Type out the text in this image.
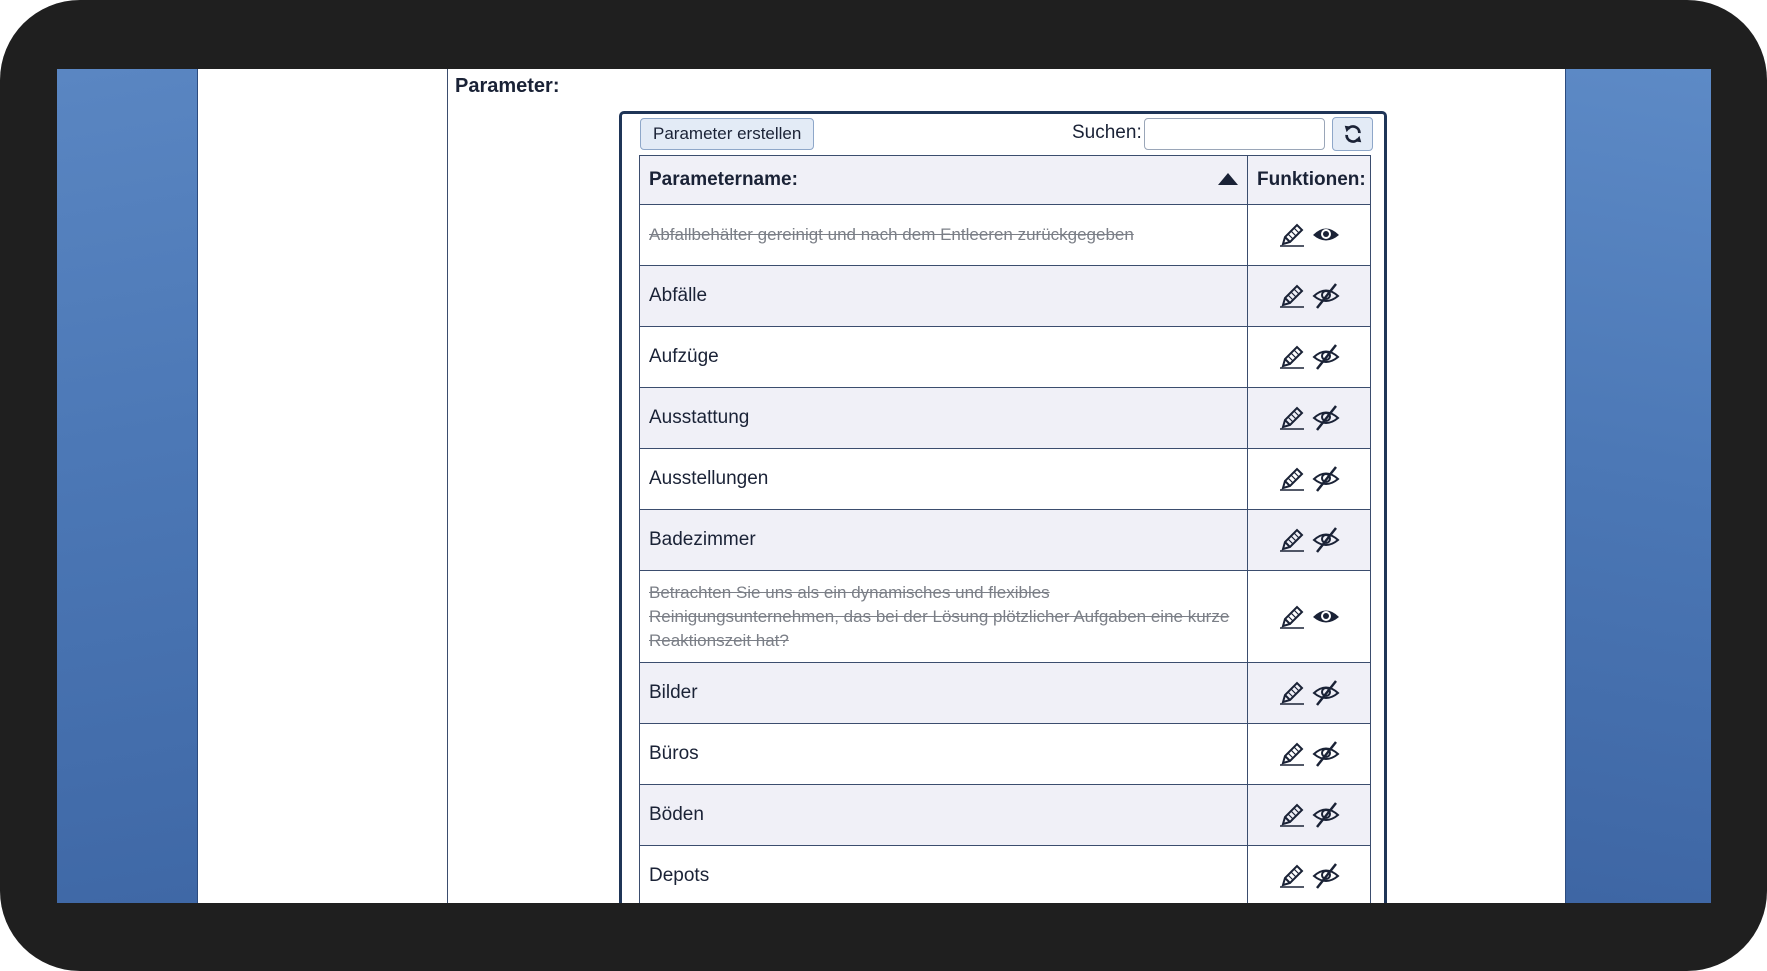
Parameter:
Parameter erstellen	Suchen:
Parametername:	Funktionen:
Abfallbehälter gereinigt und nach dem Entleeren zurückgegeben	
Abfälle	
Aufzüge	
Ausstattung	
Ausstellungen	
Badezimmer	
Betrachten Sie uns als ein dynamisches und flexibles Reinigungsunternehmen, das bei der Lösung plötzlicher Aufgaben eine kurze Reaktionszeit hat?	
Bilder	
Büros	
Böden	
Depots	
